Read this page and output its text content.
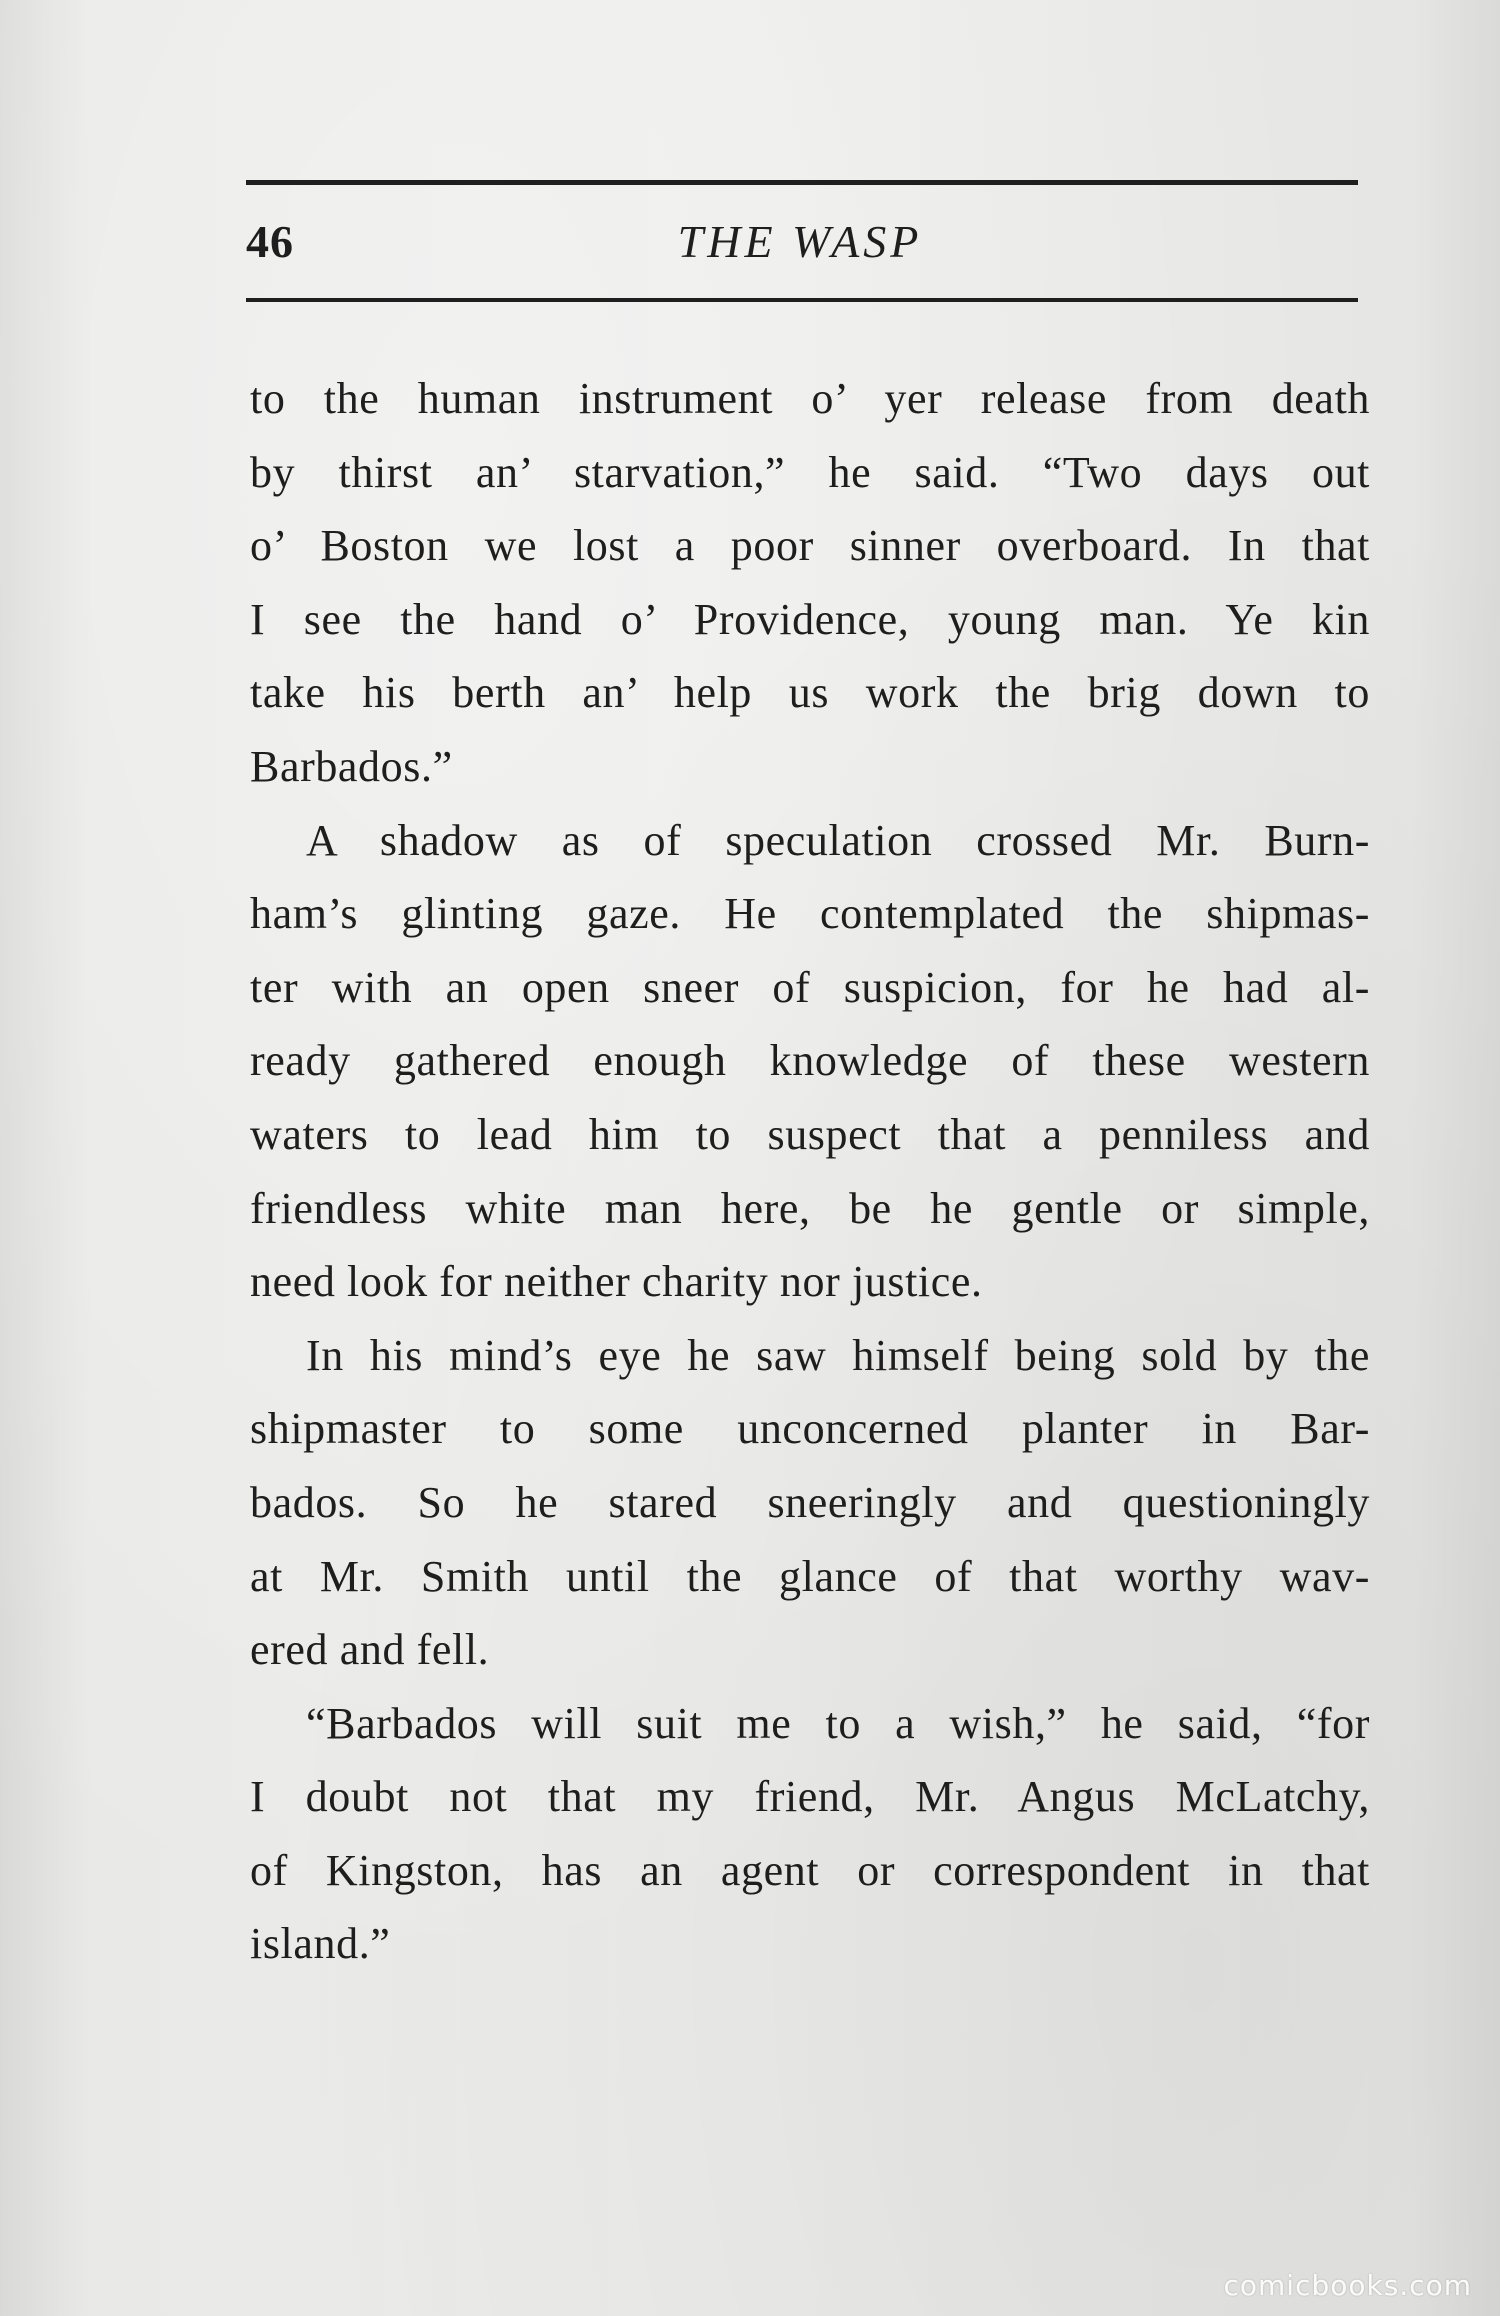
46	THE WASP
to the human instrument o’ yer release from death
by thirst an’ starvation,” he said. “Two days out
o’ Boston we lost a poor sinner overboard. In that
I see the hand o’ Providence, young man. Ye kin
take his berth an’ help us work the brig down to
Barbados.”
A shadow as of speculation crossed Mr. Burn-
ham’s glinting gaze. He contemplated the shipmas-
ter with an open sneer of suspicion, for he had al-
ready gathered enough knowledge of these western
waters to lead him to suspect that a penniless and
friendless white man here, be he gentle or simple,
need look for neither charity nor justice.
In his mind’s eye he saw himself being sold by the
shipmaster to some unconcerned planter in Bar-
bados. So he stared sneeringly and questioningly
at Mr. Smith until the glance of that worthy wav-
ered and fell.
“Barbados will suit me to a wish,” he said, “for
I doubt not that my friend, Mr. Angus McLatchy,
of Kingston, has an agent or correspondent in that
island.”
comicbooks.com
